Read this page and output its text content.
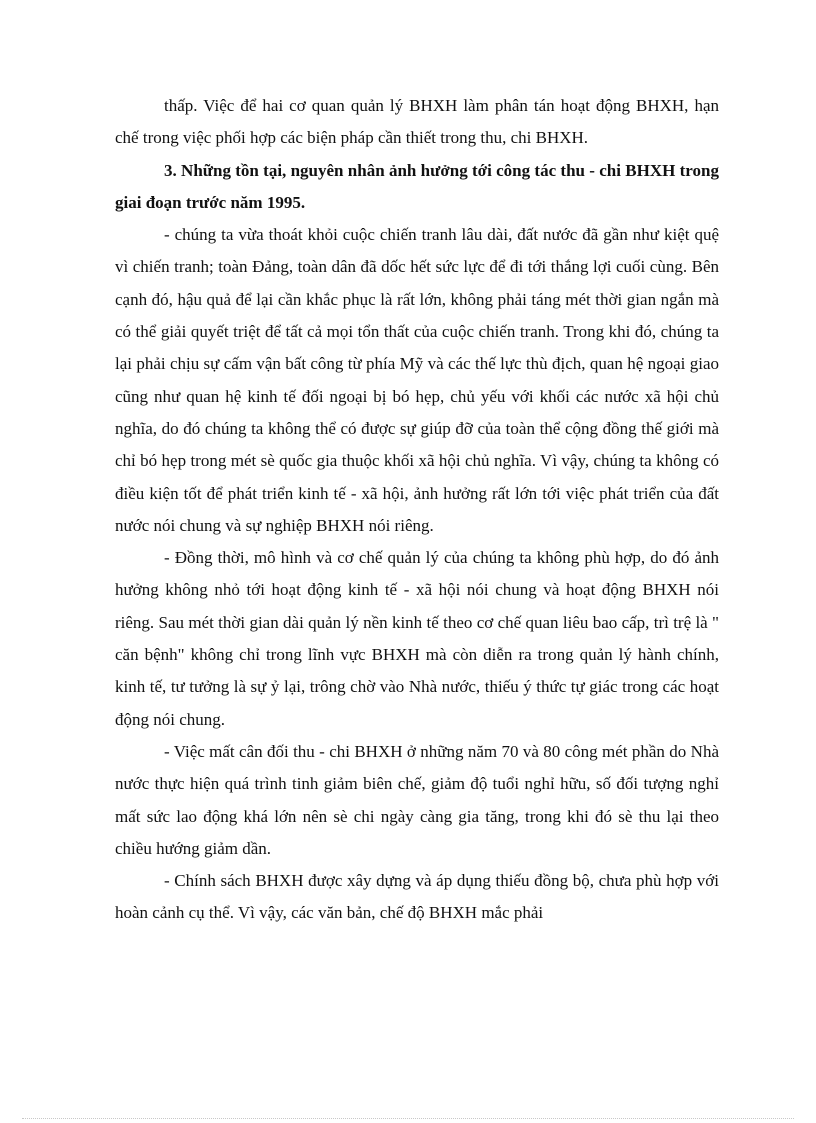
thấp. Việc để hai cơ quan quản lý BHXH làm phân tán hoạt động BHXH, hạn chế trong việc phối hợp các biện pháp cần thiết trong thu, chi BHXH.

3. Những tồn tại, nguyên nhân ảnh hưởng tới công tác thu - chi BHXH trong giai đoạn trước năm 1995.

- chúng ta vừa thoát khỏi cuộc chiến tranh lâu dài, đất nước đã gần như kiệt quệ vì chiến tranh; toàn Đảng, toàn dân đã dốc hết sức lực để đi tới thắng lợi cuối cùng. Bên cạnh đó, hậu quả để lại cần khắc phục là rất lớn, không phải táng mét thời gian ngắn mà có thể giải quyết triệt để tất cả mọi tổn thất của cuộc chiến tranh. Trong khi đó, chúng ta lại phải chịu sự cấm vận bất công từ phía Mỹ và các thế lực thù địch, quan hệ ngoại giao cũng như quan hệ kinh tế đối ngoại bị bó hẹp, chủ yếu với khối các nước xã hội chủ nghĩa, do đó chúng ta không thể có được sự giúp đỡ của toàn thể cộng đồng thế giới mà chỉ bó hẹp trong mét sè quốc gia thuộc khối xã hội chủ nghĩa. Vì vậy, chúng ta không có điều kiện tốt để phát triển kinh tế - xã hội, ảnh hưởng rất lớn tới việc phát triển của đất nước nói chung và sự nghiệp BHXH nói riêng.

- Đồng thời, mô hình và cơ chế quản lý của chúng ta không phù hợp, do đó ảnh hưởng không nhỏ tới hoạt động kinh tế - xã hội nói chung và hoạt động BHXH nói riêng. Sau mét thời gian dài quản lý nền kinh tế theo cơ chế quan liêu bao cấp, trì trệ là " căn bệnh" không chỉ trong lĩnh vực BHXH mà còn diễn ra trong quản lý hành chính, kinh tế, tư tưởng là sự ỷ lại, trông chờ vào Nhà nước, thiếu ý thức tự giác trong các hoạt động nói chung.

- Việc mất cân đối thu - chi BHXH ở những năm 70 và 80 công mét phần do Nhà nước thực hiện quá trình tinh giảm biên chế, giảm độ tuổi nghỉ hữu, số đối tượng nghỉ mất sức lao động khá lớn nên sè chi ngày càng gia tăng, trong khi đó sè thu lại theo chiều hướng giảm dần.

- Chính sách BHXH được xây dựng và áp dụng thiếu đồng bộ, chưa phù hợp với hoàn cảnh cụ thể. Vì vậy, các văn bản, chế độ BHXH mắc phải
